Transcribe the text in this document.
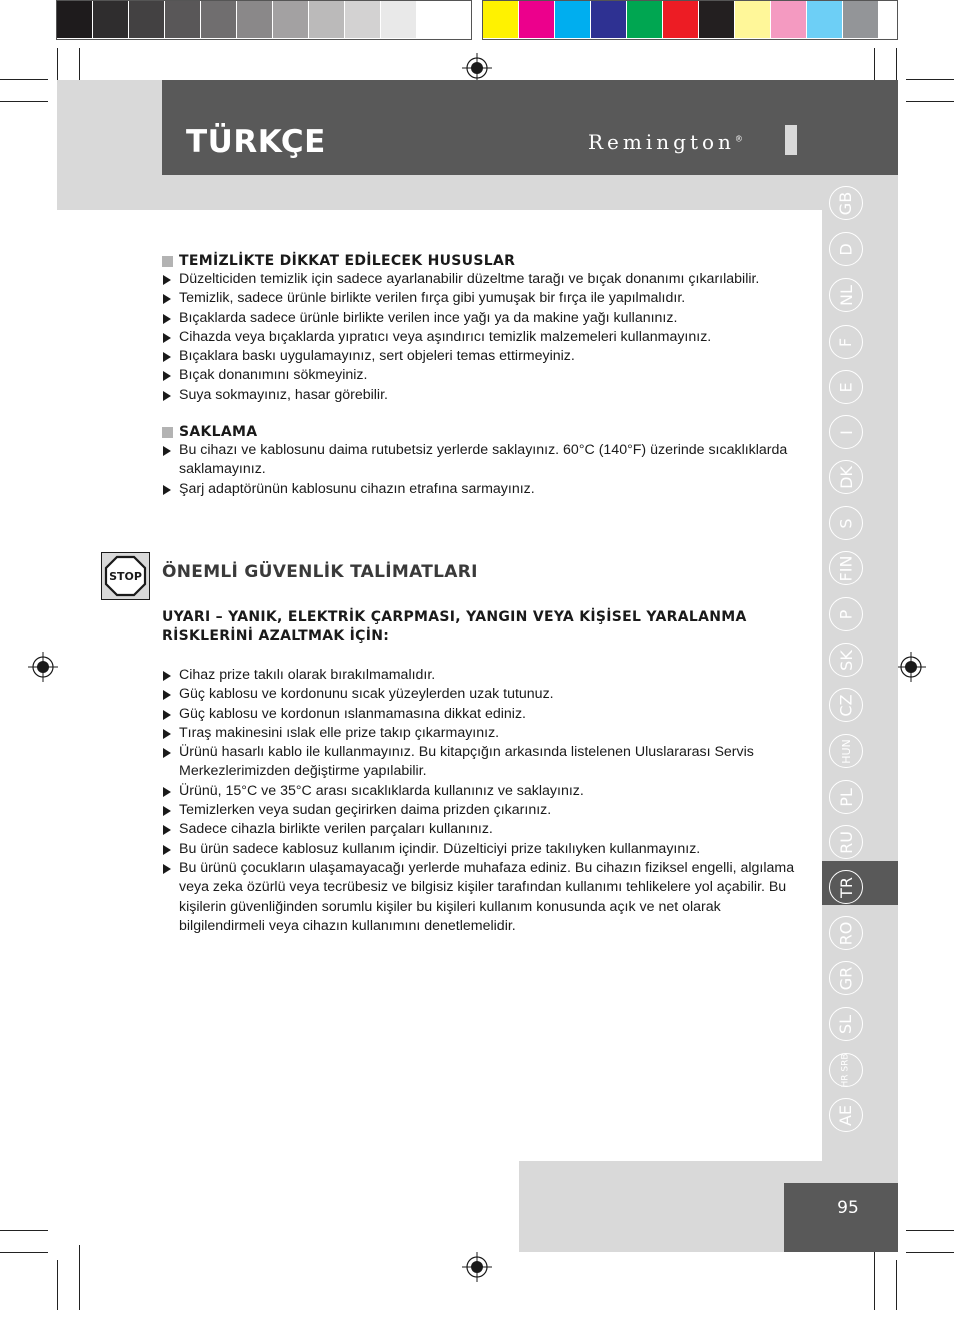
TÜRKÇE	Remington®
GB
D
NL
F
E
I
DK
S
FIN
P
SK
CZ
HUN
PL
RU
TR
RO
GR
SL
HR SRB
AE
TEMİZLİKTE DİKKAT EDİLECEK HUSUSLAR
Düzelticiden temizlik için sadece ayarlanabilir düzeltme tarağı ve bıçak donanımı çıkarılabilir.
Temizlik, sadece ürünle birlikte verilen fırça gibi yumuşak bir fırça ile yapılmalıdır.
Bıçaklarda sadece ürünle birlikte verilen ince yağı ya da makine yağı kullanınız.
Cihazda veya bıçaklarda yıpratıcı veya aşındırıcı temizlik malzemeleri kullanmayınız.
Bıçaklara baskı uygulamayınız, sert objeleri temas ettirmeyiniz.
Bıçak donanımını sökmeyiniz.
Suya sokmayınız, hasar görebilir.
SAKLAMA
Bu cihazı ve kablosunu daima rutubetsiz yerlerde saklayınız. 60°C (140°F) üzerinde sıcaklıklarda saklamayınız.
Şarj adaptörünün kablosunu cihazın etrafına sarmayınız.
STOP ÖNEMLİ GÜVENLİK TALİMATLARI
UYARI – YANIK, ELEKTRİK ÇARPMASI, YANGIN VEYA KİŞİSEL YARALANMA RİSKLERİNİ AZALTMAK İÇİN:
Cihaz prize takılı olarak bırakılmamalıdır.
Güç kablosu ve kordonunu sıcak yüzeylerden uzak tutunuz.
Güç kablosu ve kordonun ıslanmamasına dikkat ediniz.
Tıraş makinesini ıslak elle prize takıp çıkarmayınız.
Ürünü hasarlı kablo ile kullanmayınız. Bu kitapçığın arkasında listelenen Uluslararası Servis Merkezlerimizden değiştirme yapılabilir.
Ürünü, 15°C ve 35°C arası sıcaklıklarda kullanınız ve saklayınız.
Temizlerken veya sudan geçirirken daima prizden çıkarınız.
Sadece cihazla birlikte verilen parçaları kullanınız.
Bu ürün sadece kablosuz kullanım içindir. Düzelticiyi prize takılıyken kullanmayınız.
Bu ürünü çocukların ulaşamayacağı yerlerde muhafaza ediniz. Bu cihazın fiziksel engelli, algılama veya zeka özürlü veya tecrübesiz ve bilgisiz kişiler tarafından kullanımı tehlikelere yol açabilir. Bu kişilerin güvenliğinden sorumlu kişiler bu kişileri kullanım konusunda açık ve net olarak bilgilendirmeli veya cihazın kullanımını denetlemelidir.
95
